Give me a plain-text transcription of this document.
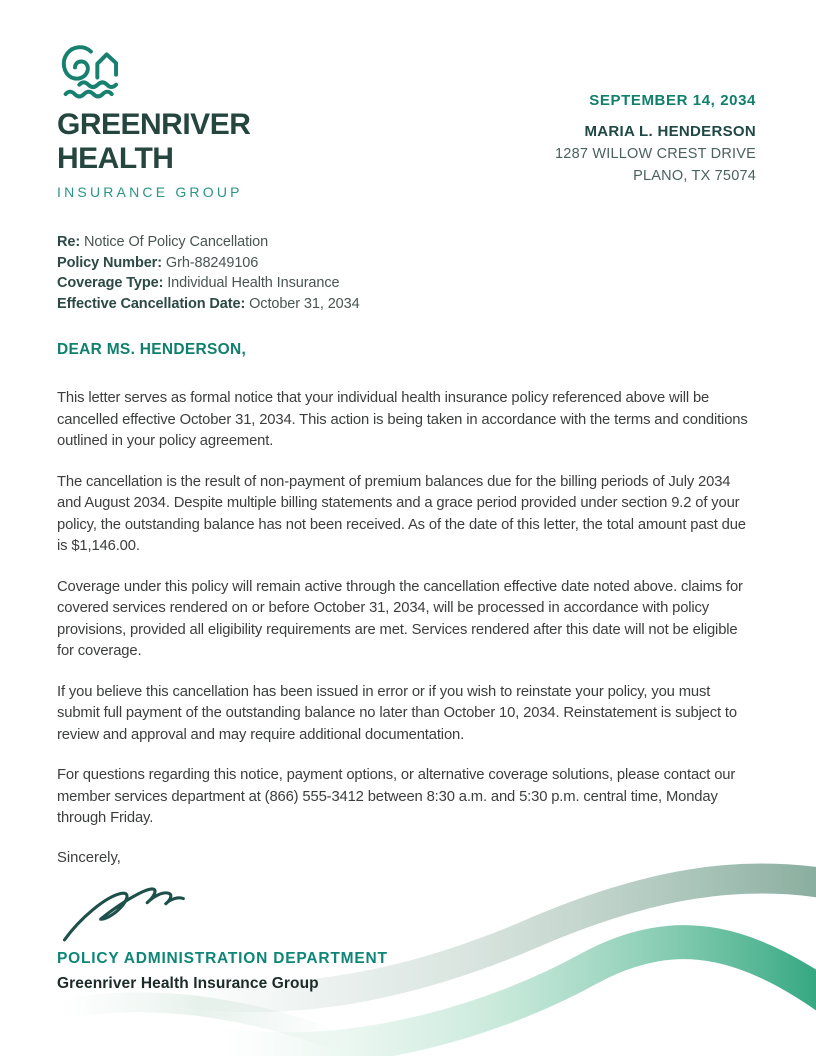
GREENRIVER
HEALTH
INSURANCE GROUP
SEPTEMBER 14, 2034
MARIA L. HENDERSON
1287 WILLOW CREST DRIVE
PLANO, TX 75074
Re: Notice Of Policy Cancellation
Policy Number: Grh-88249106
Coverage Type: Individual Health Insurance
Effective Cancellation Date: October 31, 2034
DEAR MS. HENDERSON,

This letter serves as formal notice that your individual health insurance policy referenced above will be cancelled effective October 31, 2034. This action is being taken in accordance with the terms and conditions outlined in your policy agreement.

The cancellation is the result of non-payment of premium balances due for the billing periods of July 2034 and August 2034. Despite multiple billing statements and a grace period provided under section 9.2 of your policy, the outstanding balance has not been received. As of the date of this letter, the total amount past due is $1,146.00.

Coverage under this policy will remain active through the cancellation effective date noted above. claims for covered services rendered on or before October 31, 2034, will be processed in accordance with policy provisions, provided all eligibility requirements are met. Services rendered after this date will not be eligible for coverage.

If you believe this cancellation has been issued in error or if you wish to reinstate your policy, you must submit full payment of the outstanding balance no later than October 10, 2034. Reinstatement is subject to review and approval and may require additional documentation.

For questions regarding this notice, payment options, or alternative coverage solutions, please contact our member services department at (866) 555-3412 between 8:30 a.m. and 5:30 p.m. central time, Monday through Friday.

Sincerely,
POLICY ADMINISTRATION DEPARTMENT
Greenriver Health Insurance Group
